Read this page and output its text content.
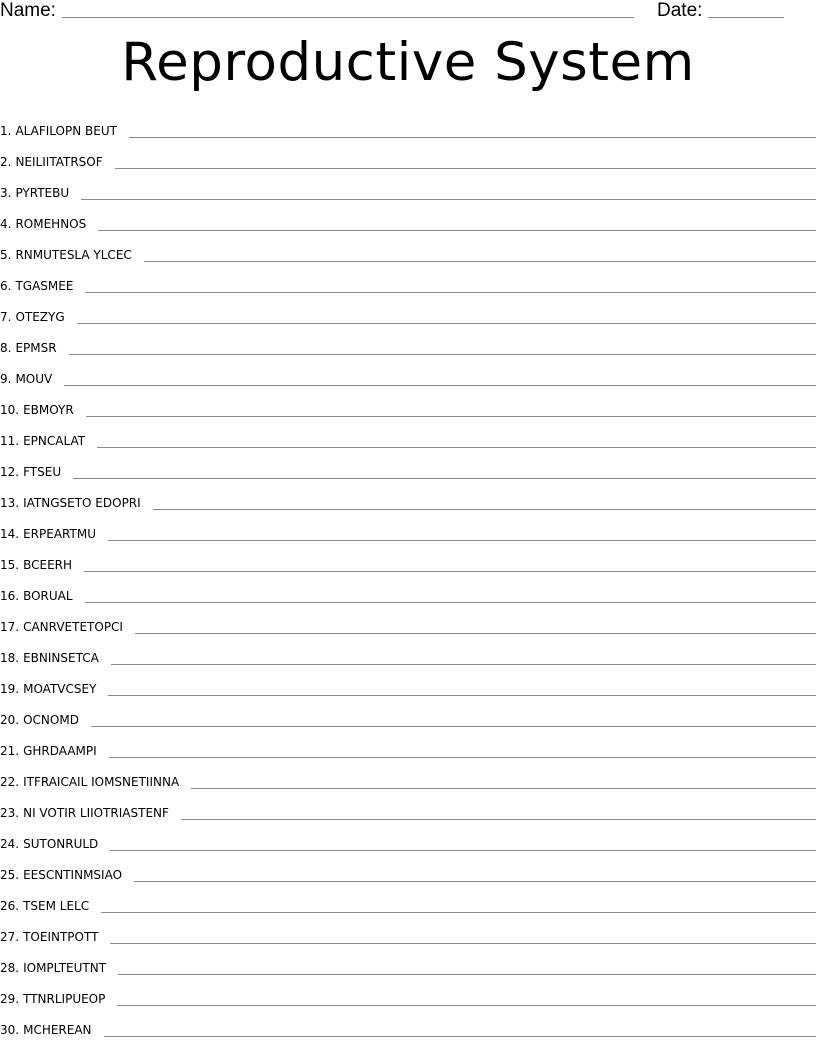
Name:	Date:
Reproductive System
1. ALAFILOPN BEUT
2. NEILIITATRSOF
3. PYRTEBU
4. ROMEHNOS
5. RNMUTESLA YLCEC
6. TGASMEE
7. OTEZYG
8. EPMSR
9. MOUV
10. EBMOYR
11. EPNCALAT
12. FTSEU
13. IATNGSETO EDOPRI
14. ERPEARTMU
15. BCEERH
16. BORUAL
17. CANRVETETOPCI
18. EBNINSETCA
19. MOATVCSEY
20. OCNOMD
21. GHRDAAMPI
22. ITFRAICAIL IOMSNETIINNA
23. NI VOTIR LIIOTRIASTENF
24. SUTONRULD
25. EESCNTINMSIAO
26. TSEM LELC
27. TOEINTPOTT
28. IOMPLTEUTNT
29. TTNRLIPUEOP
30. MCHEREAN
